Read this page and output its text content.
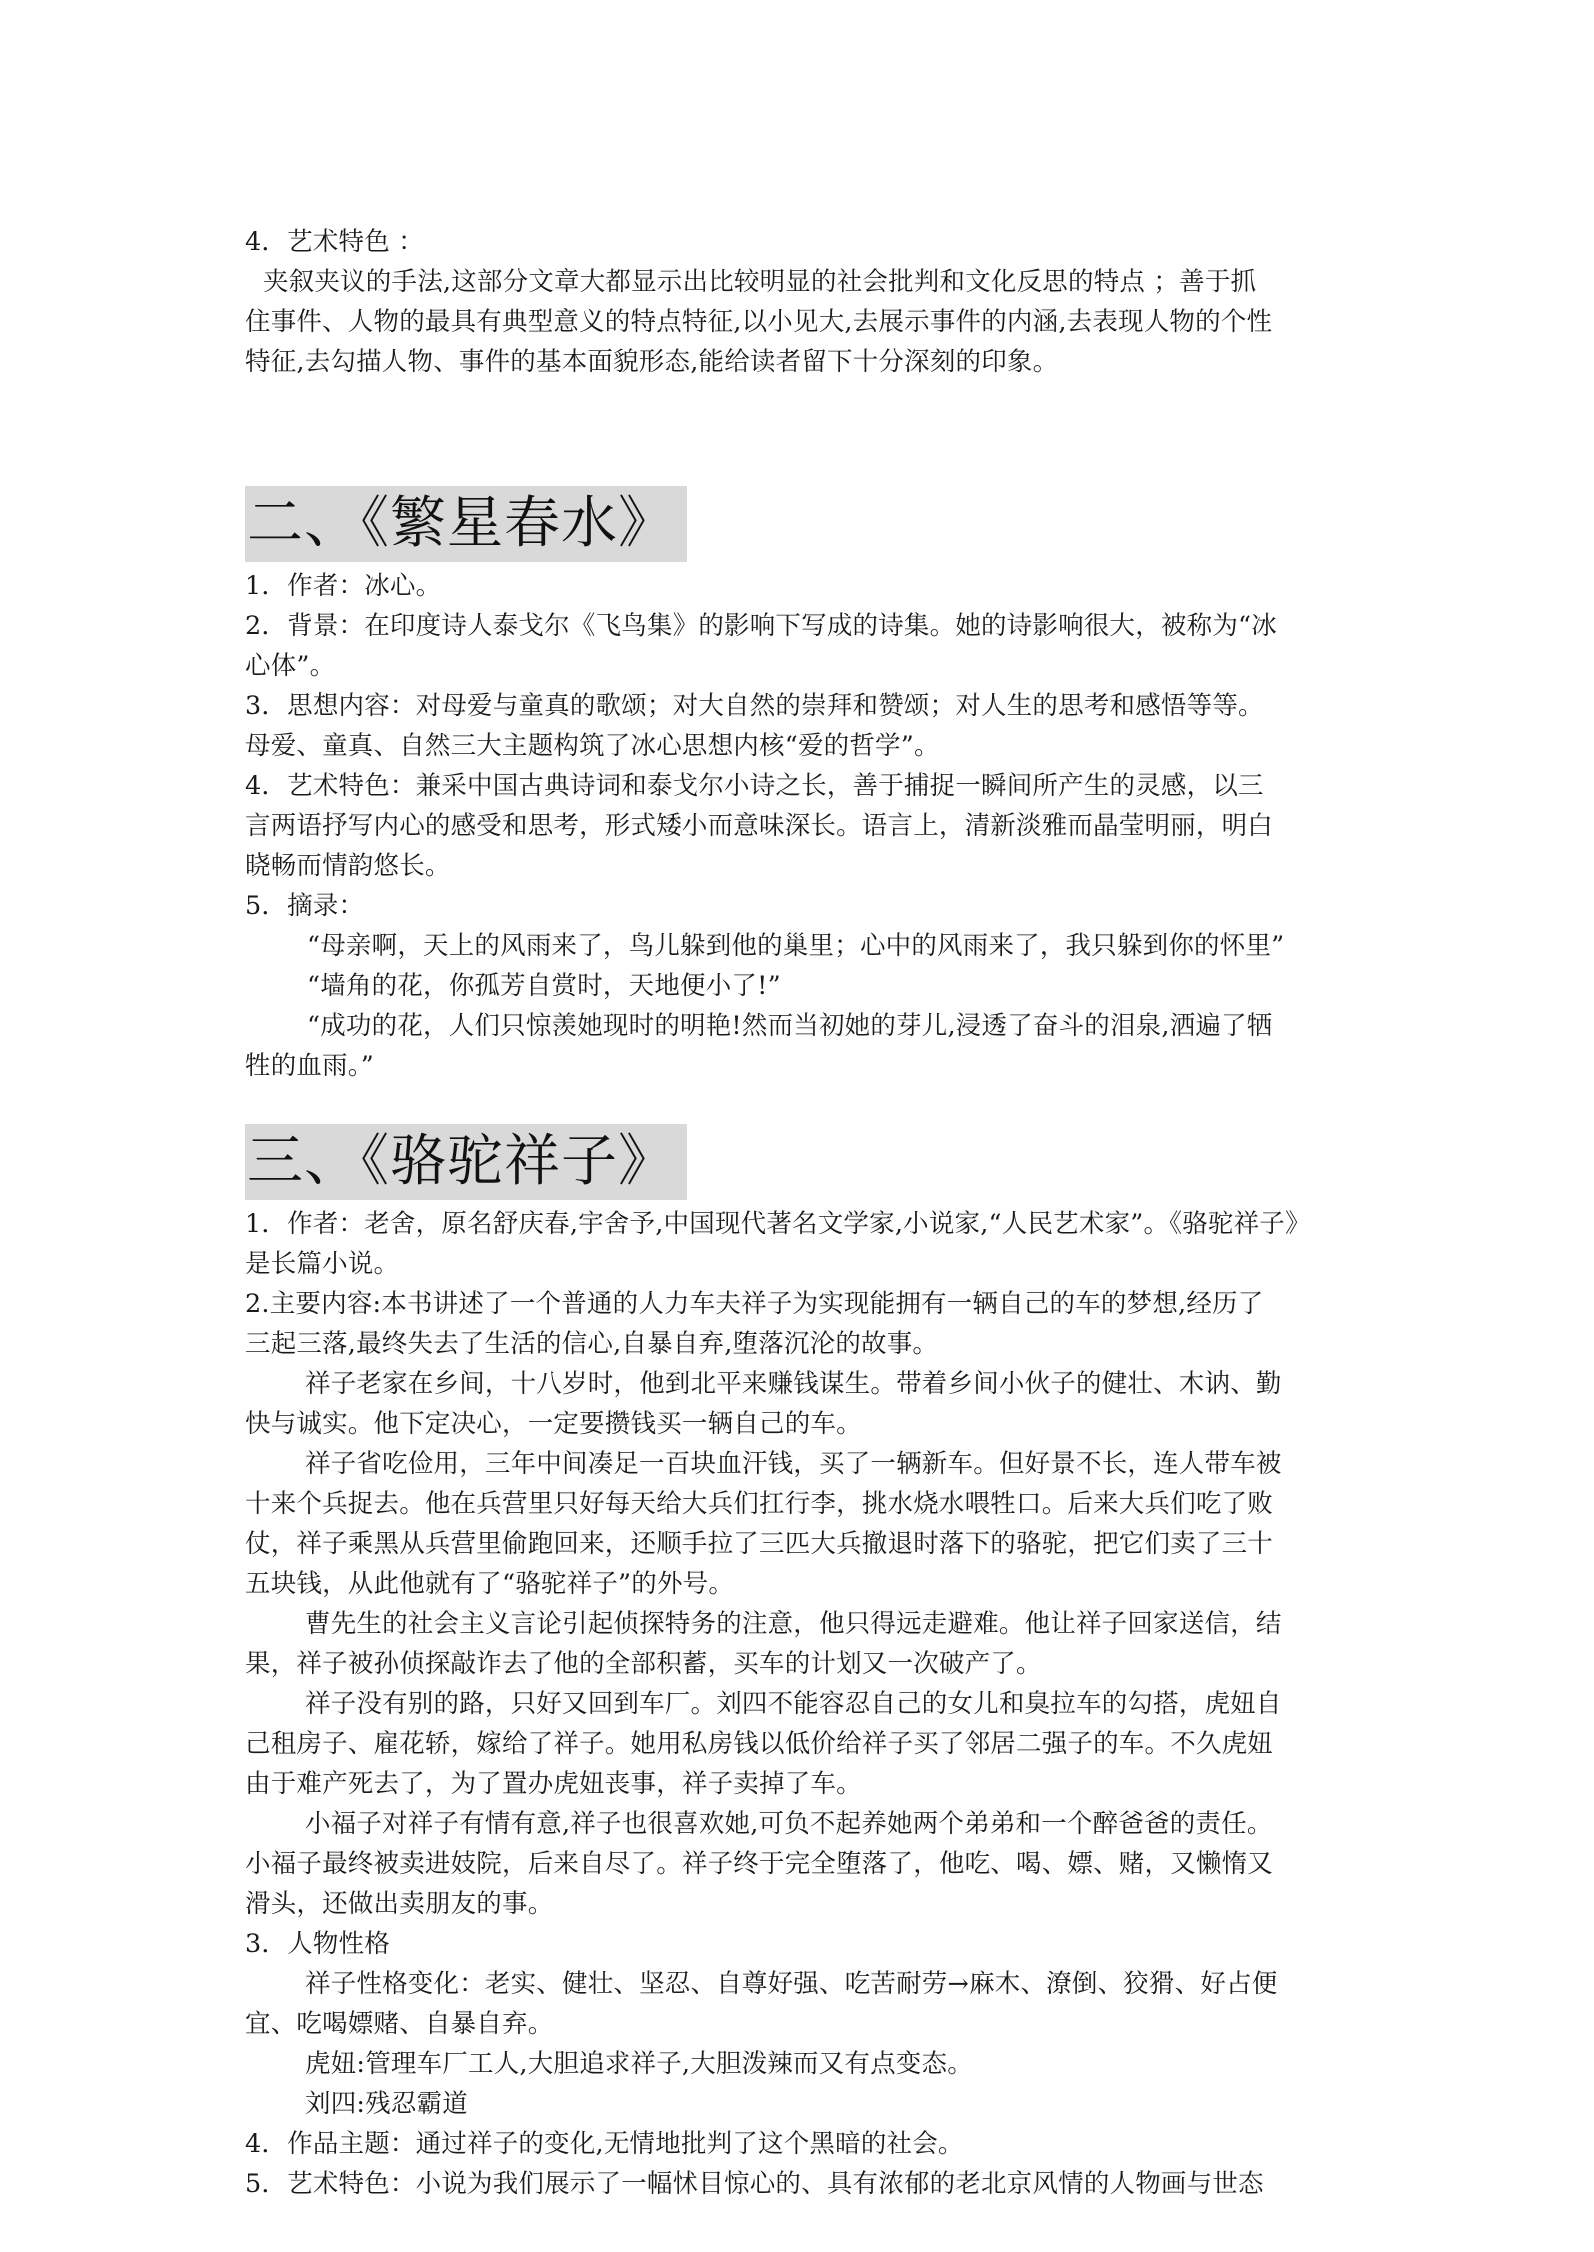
4．艺术特色 ：
夹叙夹议的手法,这部分文章大都显示出比较明显的社会批判和文化反思的特点 ；善于抓
住事件、人物的最具有典型意义的特点特征,以小见大,去展示事件的内涵,去表现人物的个性
特征,去勾描人物、事件的基本面貌形态,能给读者留下十分深刻的印象。
二、《繁星春水》
1．作者：冰心。
2．背景：在印度诗人泰戈尔《飞鸟集》的影响下写成的诗集。她的诗影响很大，被称为“冰
心体”。
3．思想内容：对母爱与童真的歌颂；对大自然的崇拜和赞颂；对人生的思考和感悟等等。
母爱、童真、自然三大主题构筑了冰心思想内核“爱的哲学”。
4．艺术特色：兼采中国古典诗词和泰戈尔小诗之长，善于捕捉一瞬间所产生的灵感，以三
言两语抒写内心的感受和思考，形式矮小而意味深长。语言上，清新淡雅而晶莹明丽，明白
晓畅而情韵悠长。
5．摘录：
“母亲啊，天上的风雨来了，鸟儿躲到他的巢里；心中的风雨来了，我只躲到你的怀里”
“墙角的花，你孤芳自赏时，天地便小了!”
“成功的花，人们只惊羡她现时的明艳!然而当初她的芽儿,浸透了奋斗的泪泉,洒遍了牺
牲的血雨。”
三、《骆驼祥子》
1．作者：老舍，原名舒庆春,宇舍予,中国现代著名文学家,小说家,“人民艺术家”。《骆驼祥子》
是长篇小说。
2.主要内容:本书讲述了一个普通的人力车夫祥子为实现能拥有一辆自己的车的梦想,经历了
三起三落,最终失去了生活的信心,自暴自弃,堕落沉沦的故事。
祥子老家在乡间，十八岁时，他到北平来赚钱谋生。带着乡间小伙子的健壮、木讷、勤
快与诚实。他下定决心，一定要攒钱买一辆自己的车。
祥子省吃俭用，三年中间凑足一百块血汗钱，买了一辆新车。但好景不长，连人带车被
十来个兵捉去。他在兵营里只好每天给大兵们扛行李，挑水烧水喂牲口。后来大兵们吃了败
仗，祥子乘黑从兵营里偷跑回来，还顺手拉了三匹大兵撤退时落下的骆驼，把它们卖了三十
五块钱，从此他就有了“骆驼祥子”的外号。
曹先生的社会主义言论引起侦探特务的注意，他只得远走避难。他让祥子回家送信，结
果，祥子被孙侦探敲诈去了他的全部积蓄，买车的计划又一次破产了。
祥子没有别的路，只好又回到车厂。刘四不能容忍自己的女儿和臭拉车的勾搭，虎妞自
己租房子、雇花轿，嫁给了祥子。她用私房钱以低价给祥子买了邻居二强子的车。不久虎妞
由于难产死去了，为了置办虎妞丧事，祥子卖掉了车。
小福子对祥子有情有意,祥子也很喜欢她,可负不起养她两个弟弟和一个醉爸爸的责任。
小福子最终被卖进妓院，后来自尽了。祥子终于完全堕落了，他吃、喝、嫖、赌，又懒惰又
滑头，还做出卖朋友的事。
3．人物性格
祥子性格变化：老实、健壮、坚忍、自尊好强、吃苦耐劳→麻木、潦倒、狡猾、好占便
宜、吃喝嫖赌、自暴自弃。
虎妞:管理车厂工人,大胆追求祥子,大胆泼辣而又有点变态。
刘四:残忍霸道
4．作品主题：通过祥子的变化,无情地批判了这个黑暗的社会。
5．艺术特色：小说为我们展示了一幅怵目惊心的、具有浓郁的老北京风情的人物画与世态
